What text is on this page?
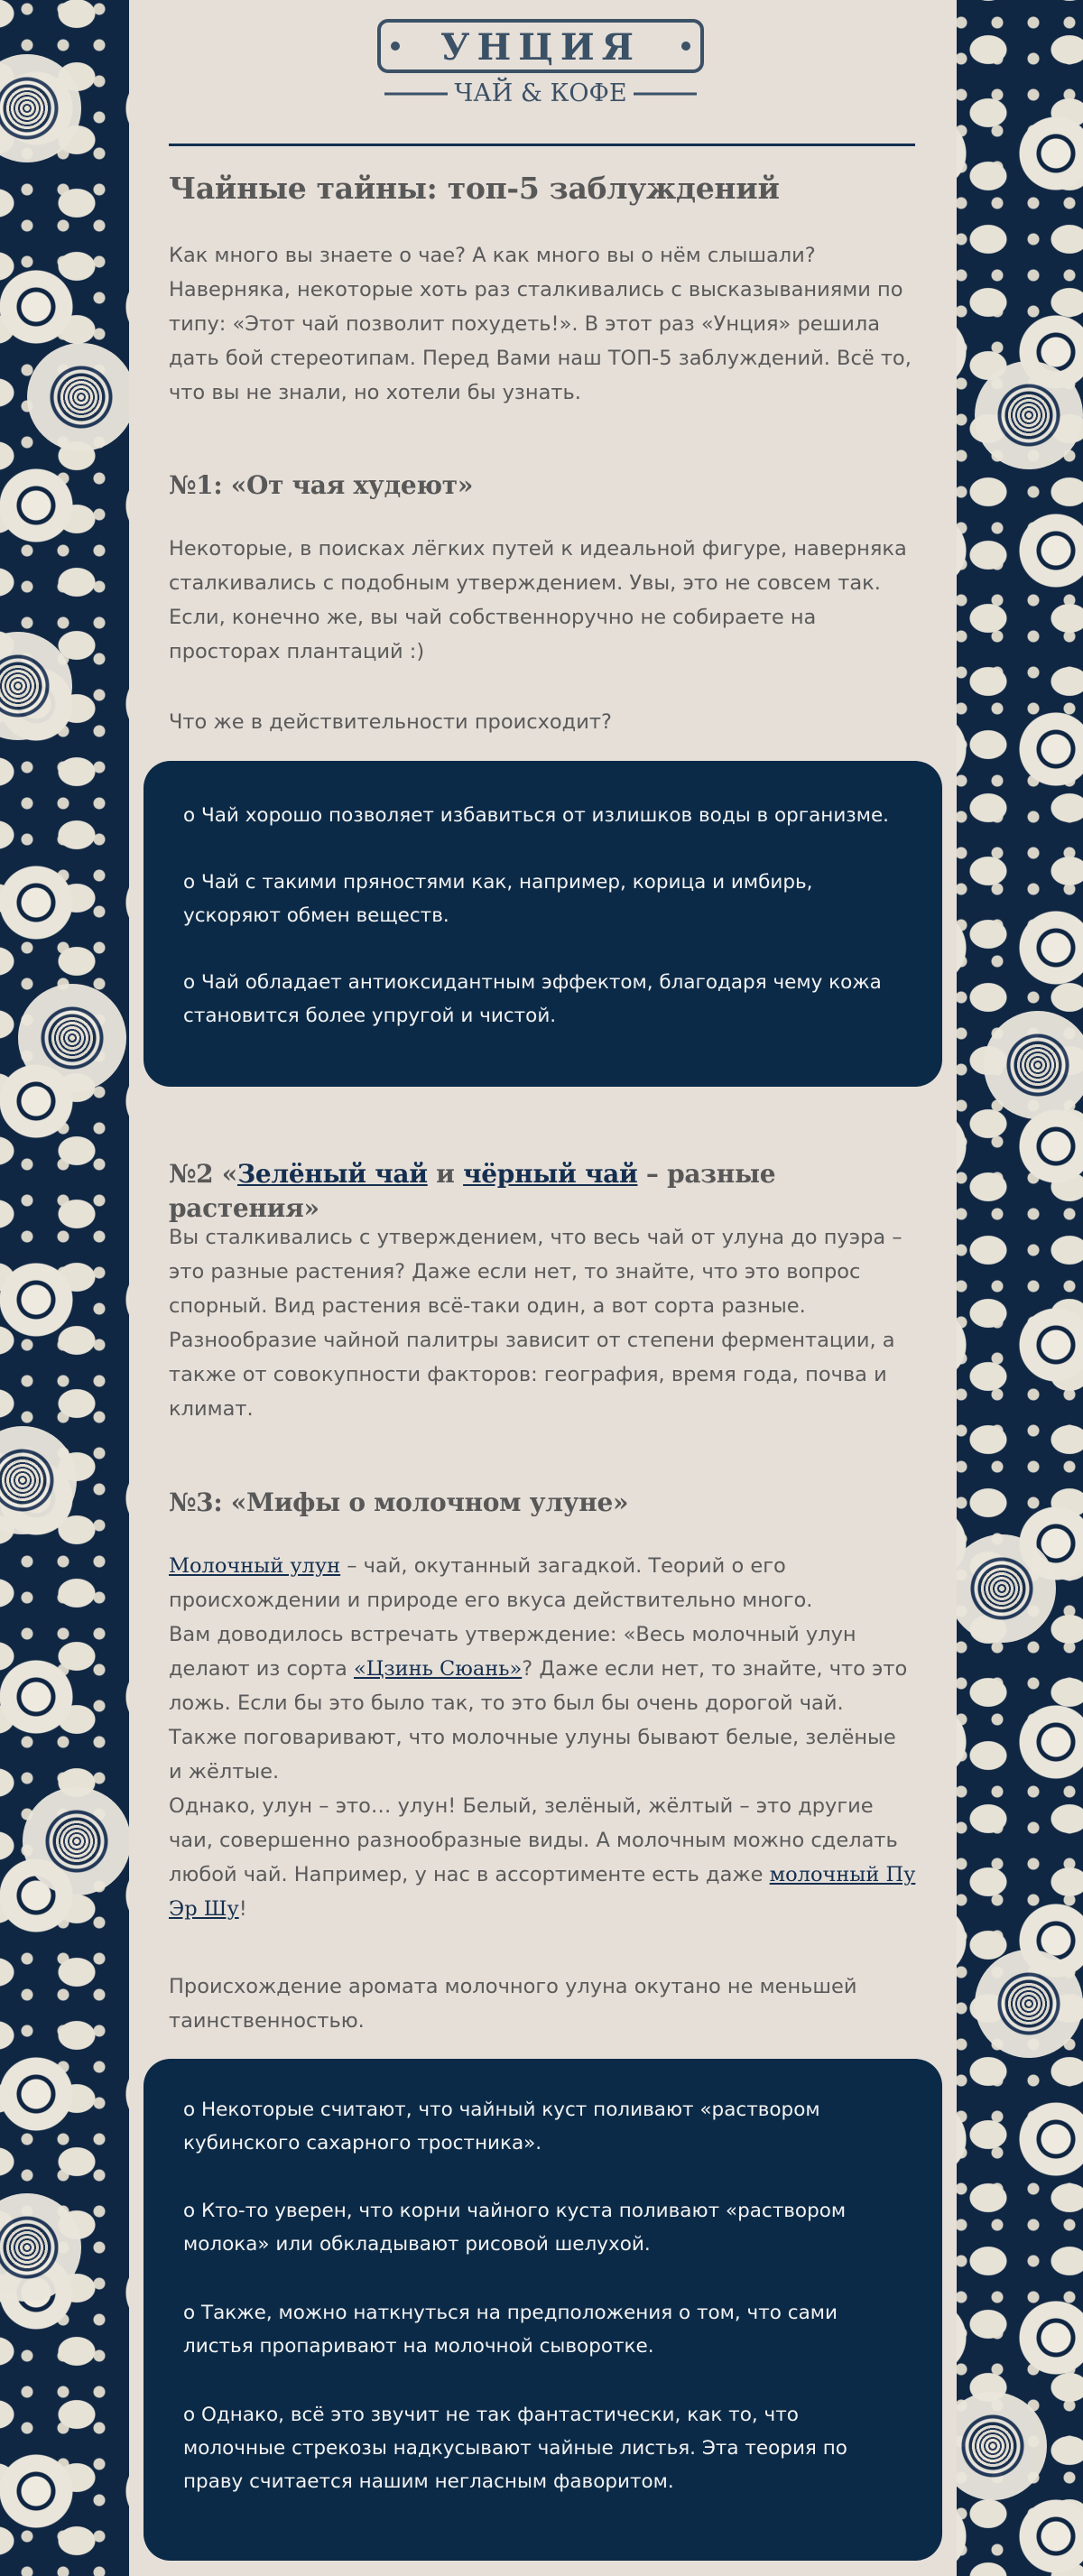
УНЦИЯ
ЧАЙ & КОФЕ
Чайные тайны: топ-5 заблуждений

Как много вы знаете о чае? А как много вы о нём слышали?

Наверняка, некоторые хоть раз сталкивались с высказываниями по

типу: «Этот чай позволит похудеть!». В этот раз «Унция» решила

дать бой стереотипам. Перед Вами наш ТОП-5 заблуждений. Всё то,

что вы не знали, но хотели бы узнать.

№1: «От чая худеют»

Некоторые, в поисках лёгких путей к идеальной фигуре, наверняка

сталкивались с подобным утверждением. Увы, это не совсем так.

Если, конечно же, вы чай собственноручно не собираете на

просторах плантаций :)

Что же в действительности происходит?

о Чай хорошо позволяет избавиться от излишков воды в организме.

о Чай с такими пряностями как, например, корица и имбирь,
ускоряют обмен веществ.

о Чай обладает антиоксидантным эффектом, благодаря чему кожа
становится более упругой и чистой.

№2 «Зелёный чай и чёрный чай – разные растения»

Вы сталкивались с утверждением, что весь чай от улуна до пуэра –

это разные растения? Даже если нет, то знайте, что это вопрос

спорный. Вид растения всё-таки один, а вот сорта разные.

Разнообразие чайной палитры зависит от степени ферментации, а

также от совокупности факторов: география, время года, почва и

климат.

№3: «Мифы о молочном улуне»

Молочный улун – чай, окутанный загадкой. Теорий о его

происхождении и природе его вкуса действительно много.

Вам доводилось встречать утверждение: «Весь молочный улун

делают из сорта «Цзинь Сюань»? Даже если нет, то знайте, что это

ложь. Если бы это было так, то это был бы очень дорогой чай.

Также поговаривают, что молочные улуны бывают белые, зелёные

и жёлтые.

Однако, улун – это… улун! Белый, зелёный, жёлтый – это другие

чаи, совершенно разнообразные виды. А молочным можно сделать

любой чай. Например, у нас в ассортименте есть даже молочный Пу

Эр Шу!

Происхождение аромата молочного улуна окутано не меньшей

таинственностью.

о Некоторые считают, что чайный куст поливают «раствором
кубинского сахарного тростника».

о Кто-то уверен, что корни чайного куста поливают «раствором
молока» или обкладывают рисовой шелухой.

о Также, можно наткнуться на предположения о том, что сами
листья пропаривают на молочной сыворотке.

о Однако, всё это звучит не так фантастически, как то, что
молочные стрекозы надкусывают чайные листья. Эта теория по
праву считается нашим негласным фаворитом.
